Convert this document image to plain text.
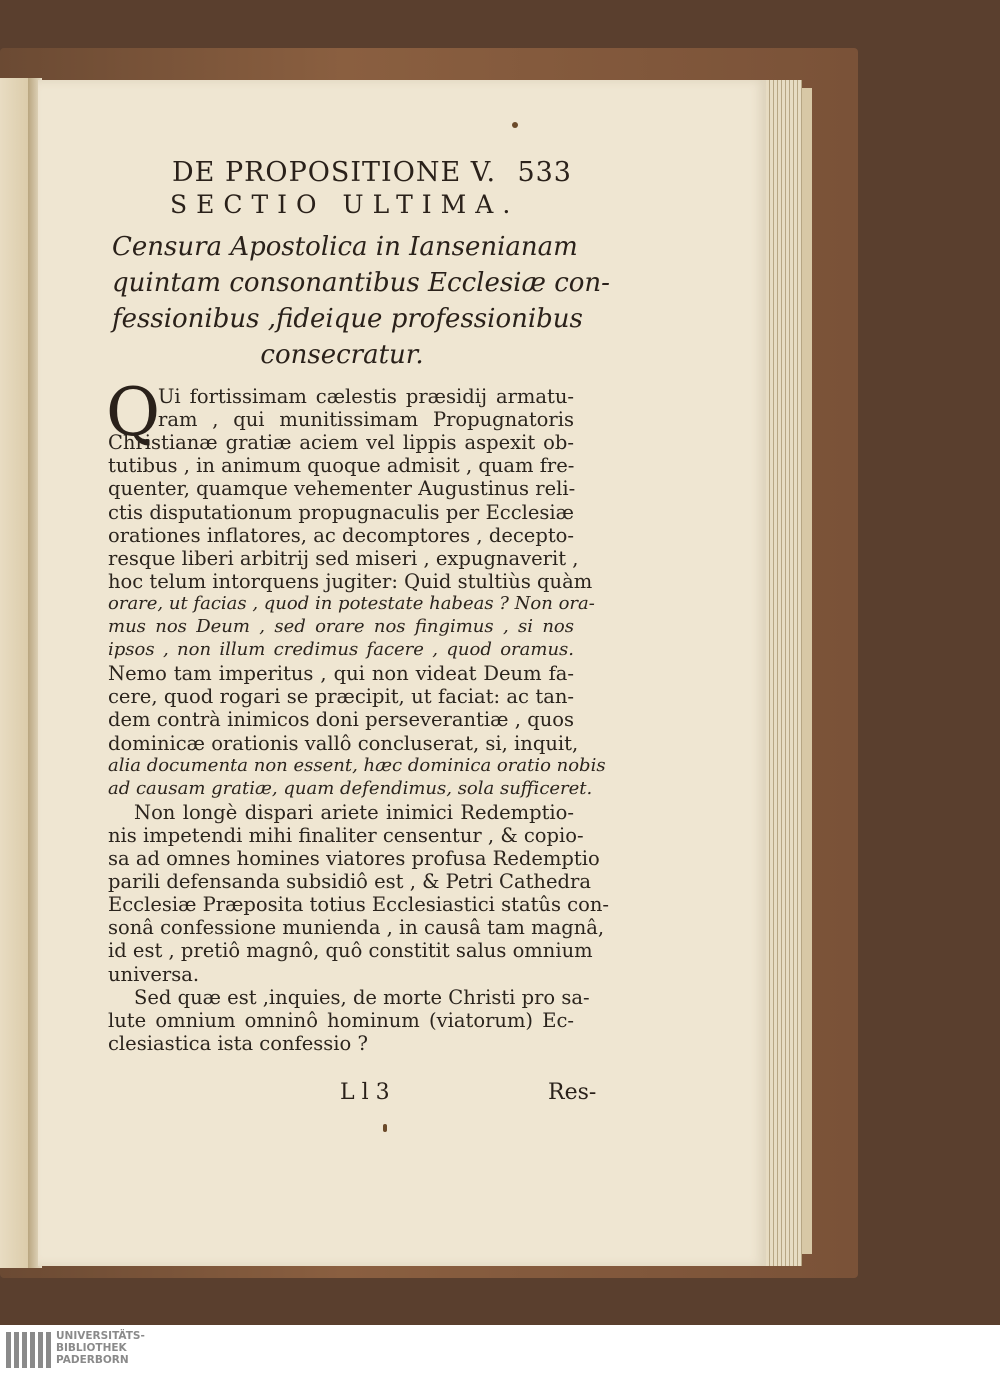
DE PROPOSITIONE V. 533
SECTIO ULTIMA.
Censura Apostolica in Iansenianam
quintam consonantibus Ecclesiæ con-
fessionibus ,fideique professionibus
consecratur.
Q
Ui fortissimam cælestis præsidij armatu-
ram , qui munitissimam Propugnatoris
Christianæ gratiæ aciem vel lippis aspexit ob-
tutibus , in animum quoque admisit , quam fre-
quenter, quamque vehementer Augustinus reli-
ctis disputationum propugnaculis per Ecclesiæ
orationes inflatores, ac decomptores , decepto-
resque liberi arbitrij sed miseri , expugnaverit ,
hoc telum intorquens jugiter: Quid stultiùs quàm
orare, ut facias , quod in potestate habeas ? Non ora-
mus nos Deum , sed orare nos fingimus , si nos
ipsos , non illum credimus facere , quod oramus.
Nemo tam imperitus , qui non videat Deum fa-
cere, quod rogari se præcipit, ut faciat: ac tan-
dem contrà inimicos doni perseverantiæ , quos
dominicæ orationis vallô concluserat, si, inquit,
alia documenta non essent, hæc dominica oratio nobis
ad causam gratiæ, quam defendimus, sola sufficeret.
Non longè dispari ariete inimici Redemptio-
nis impetendi mihi finaliter censentur , & copio-
sa ad omnes homines viatores profusa Redemptio
parili defensanda subsidiô est , & Petri Cathedra
Ecclesiæ Præposita totius Ecclesiastici statûs con-
sonâ confessione munienda , in causâ tam magnâ,
id est , pretiô magnô, quô constitit salus omnium
universa.
Sed quæ est ,inquies, de morte Christi pro sa-
lute omnium omninô hominum (viatorum) Ec-
clesiastica ista confessio ?
L l 3	Res-
UNIVERSITÄTS-
BIBLIOTHEK
PADERBORN
